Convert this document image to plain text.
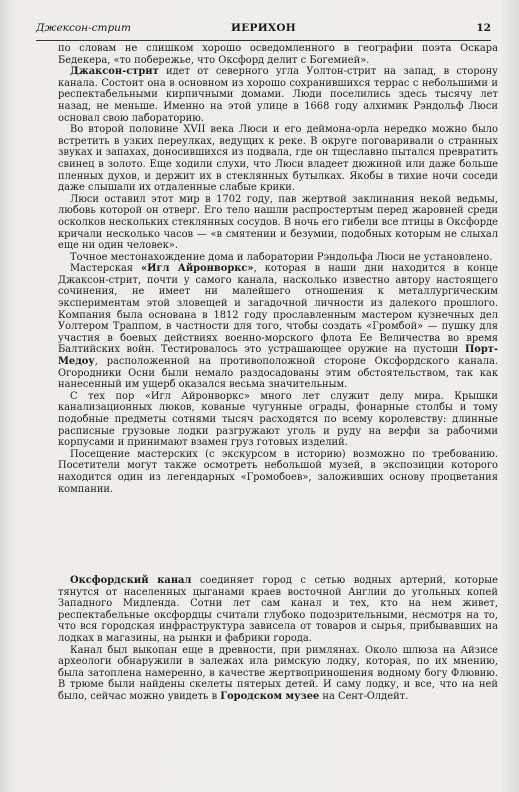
Джексон-стрит	ИЕРИХОН	12

по словам не слишком хорошо осведомленного в географии поэта Оскара Бедекера, «то побережье, что Оксфорд делит с Богемией».

Джаксон-стрит идет от северного угла Уолтон-стрит на запад, в сторону канала. Состоит она в основном из хорошо сохранившихся террас с небольшими и респектабельными кирпичными домами. Люди поселились здесь тысячу лет назад, не меньше. Именно на этой улице в 1668 году алхимик Рэндольф Люси основал свою лабораторию.

Во второй половине XVII века Люси и его деймона-орла нередко можно было встретить в узких переулках, ведущих к реке. В округе поговаривали о странных звуках и запахах, доносившихся из подвала, где он тщеславно пытался превратить свинец в золото. Еще ходили слухи, что Люси владеет дюжиной или даже больше пленных духов, и держит их в стеклянных бутылках. Якобы в тихие ночи соседи даже слышали их отдаленные слабые крики.

Люси оставил этот мир в 1702 году, пав жертвой заклинания некой ведьмы, любовь которой он отверг. Его тело нашли распростертым перед жаровней среди осколков нескольких стеклянных сосудов. В ночь его гибели все птицы в Оксфорде кричали несколько часов — «в смятении и безумии, подобных которым не слыхал еще ни один человек».

Точное местонахождение дома и лаборатории Рэндольфа Люси не установлено.

Мастерская «Игл Айронворкс», которая в наши дни находится в конце Джаксон-стрит, почти у самого канала, насколько известно автору настоящего сочинения, не имеет ни малейшего отношения к металлургическим экспериментам этой зловещей и загадочной личности из далекого прошлого. Компания была основана в 1812 году прославленным мастером кузнечных дел Уолтером Траппом, в частности для того, чтобы создать «Громбой» — пушку для участия в боевых действиях военно-морского флота Ее Величества во время Балтийских войн. Тестировалось это устрашающее оружие на пустоши Порт-Медоу, расположенной на противоположной стороне Оксфордского канала. Огородники Осни были немало раздосадованы этим обстоятельством, так как нанесенный им ущерб оказался весьма значительным.

С тех пор «Игл Айронворкс» много лет служит делу мира. Крышки канализационных люков, кованые чугунные ограды, фонарные столбы и тому подобные предметы сотнями тысяч расходятся по всему королевству: длинные расписные грузовые лодки разгружают уголь и руду на верфи за рабочими корпусами и принимают взамен груз готовых изделий.

Посещение мастерских (с экскурсом в историю) возможно по требованию. Посетители могут также осмотреть небольшой музей, в экспозиции которого находится один из легендарных «Громобоев», заложивших основу процветания компании.

Оксфордский канал соединяет город с сетью водных артерий, которые тянутся от населенных цыганами краев восточной Англии до угольных копей Западного Мидленда. Сотни лет сам канал и тех, кто на нем живет, респектабельные оксфордцы считали глубоко подозрительными, несмотря на то, что вся городская инфраструктура зависела от товаров и сырья, прибывавших на лодках в магазины, на рынки и фабрики города.

Канал был выкопан еще в древности, при римлянах. Около шлюза на Айзисе археологи обнаружили в залежах ила римскую лодку, которая, по их мнению, была затоплена намеренно, в качестве жертвоприношения водному богу Флювию. В трюме были найдены скелеты пятерых детей. И саму лодку, и все, что на ней было, сейчас можно увидеть в Городском музее на Сент-Олдейт.
